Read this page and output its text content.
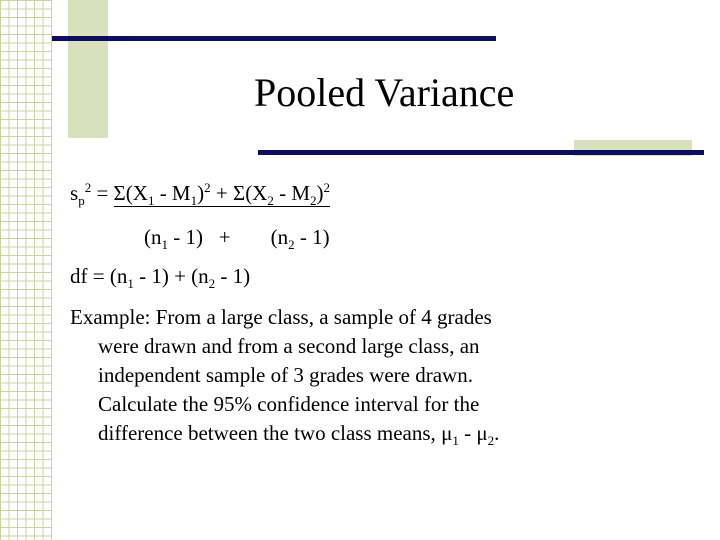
Pooled Variance
$s_p^2 = \Sigma(X_1 - M_1)^2 + \Sigma(X_2 - M_2)^2$
$(n_1 - 1) + (n_2 - 1)$
df = $(n_1 - 1) + (n_2 - 1)$
Example: From a large class, a sample of 4 grades
were drawn and from a second large class, an
independent sample of 3 grades were drawn.
Calculate the 95% confidence interval for the
difference between the two class means, $\mu_1 - \mu_2$.
